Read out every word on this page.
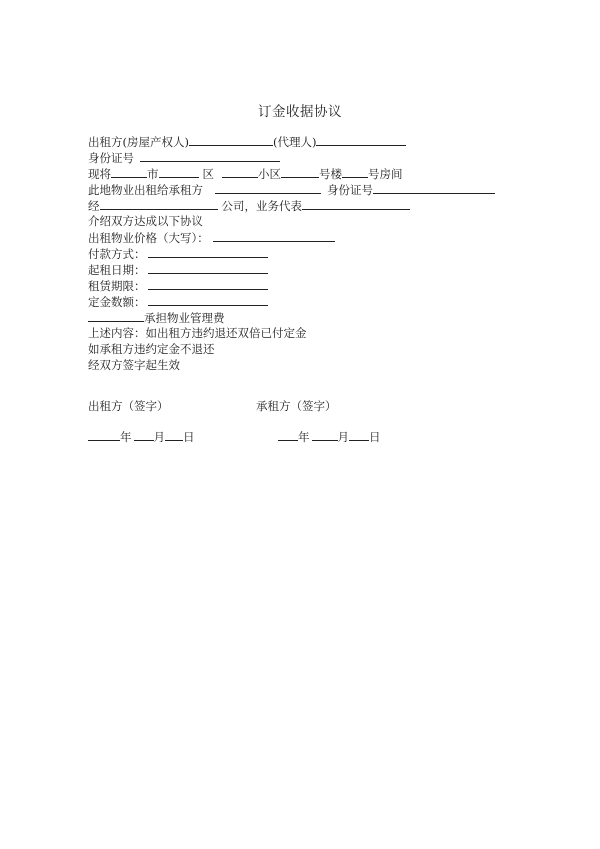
订金收据协议
出租方(房屋产权人)	(代理人)
身份证号
现将	市	区	小区	号楼 号房间
此地物业出租给承租方	身份证号
经	公司，业务代表
介绍双方达成以下协议
出租物业价格（大写）：
付款方式：
起租日期：
租赁期限：
定金数额：
承担物业管理费
上述内容：如出租方违约退还双倍已付定金
如承租方违约定金不退还
经双方签字起生效
出租方（签字）	承租方（签字）
年 月 日	年 月 日
